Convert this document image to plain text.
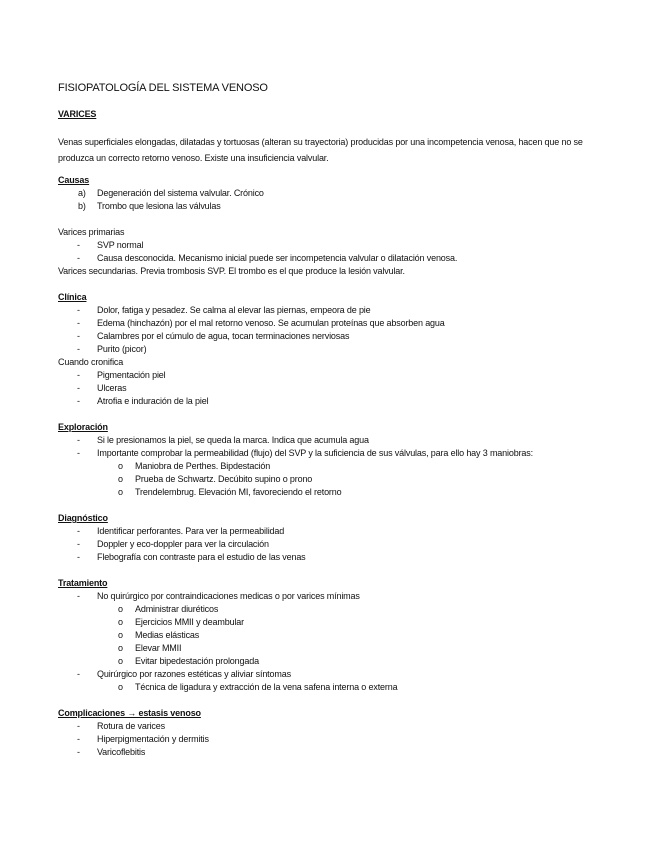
FISIOPATOLOGÍA DEL SISTEMA VENOSO
VARICES
Venas superficiales elongadas, dilatadas y tortuosas (alteran su trayectoria) producidas por una incompetencia venosa, hacen que no se produzca un correcto retorno venoso. Existe una insuficiencia valvular.
Causas
a) Degeneración del sistema valvular. Crónico
b) Trombo que lesiona las válvulas
Varices primarias
- SVP normal
- Causa desconocida. Mecanismo inicial puede ser incompetencia valvular o dilatación venosa.
Varices secundarias. Previa trombosis SVP. El trombo es el que produce la lesión valvular.
Clínica
- Dolor, fatiga y pesadez. Se calma al elevar las piernas, empeora de pie
- Edema (hinchazón) por el mal retorno venoso. Se acumulan proteínas que absorben agua
- Calambres por el cúmulo de agua, tocan terminaciones nerviosas
- Purito (picor)
Cuando cronifica
- Pigmentación piel
- Ulceras
- Atrofia e induración de la piel
Exploración
- Si le presionamos la piel, se queda la marca. Indica que acumula agua
- Importante comprobar la permeabilidad (flujo) del SVP y la suficiencia de sus válvulas, para ello hay 3 maniobras:
o Maniobra de Perthes. Bipdestación
o Prueba de Schwartz. Decúbito supino o prono
o Trendelembrug. Elevación MI, favoreciendo el retorno
Diagnóstico
- Identificar perforantes. Para ver la permeabilidad
- Doppler y eco-doppler para ver la circulación
- Flebografía con contraste para el estudio de las venas
Tratamiento
- No quirúrgico por contraindicaciones medicas o por varices mínimas
o Administrar diuréticos
o Ejercicios MMII y deambular
o Medias elásticas
o Elevar MMII
o Evitar bipedestación prolongada
- Quirúrgico por razones estéticas y aliviar síntomas
o Técnica de ligadura y extracción de la vena safena interna o externa
Complicaciones → estasis venoso
- Rotura de varices
- Hiperpigmentación y dermitis
- Varicoflebitis
